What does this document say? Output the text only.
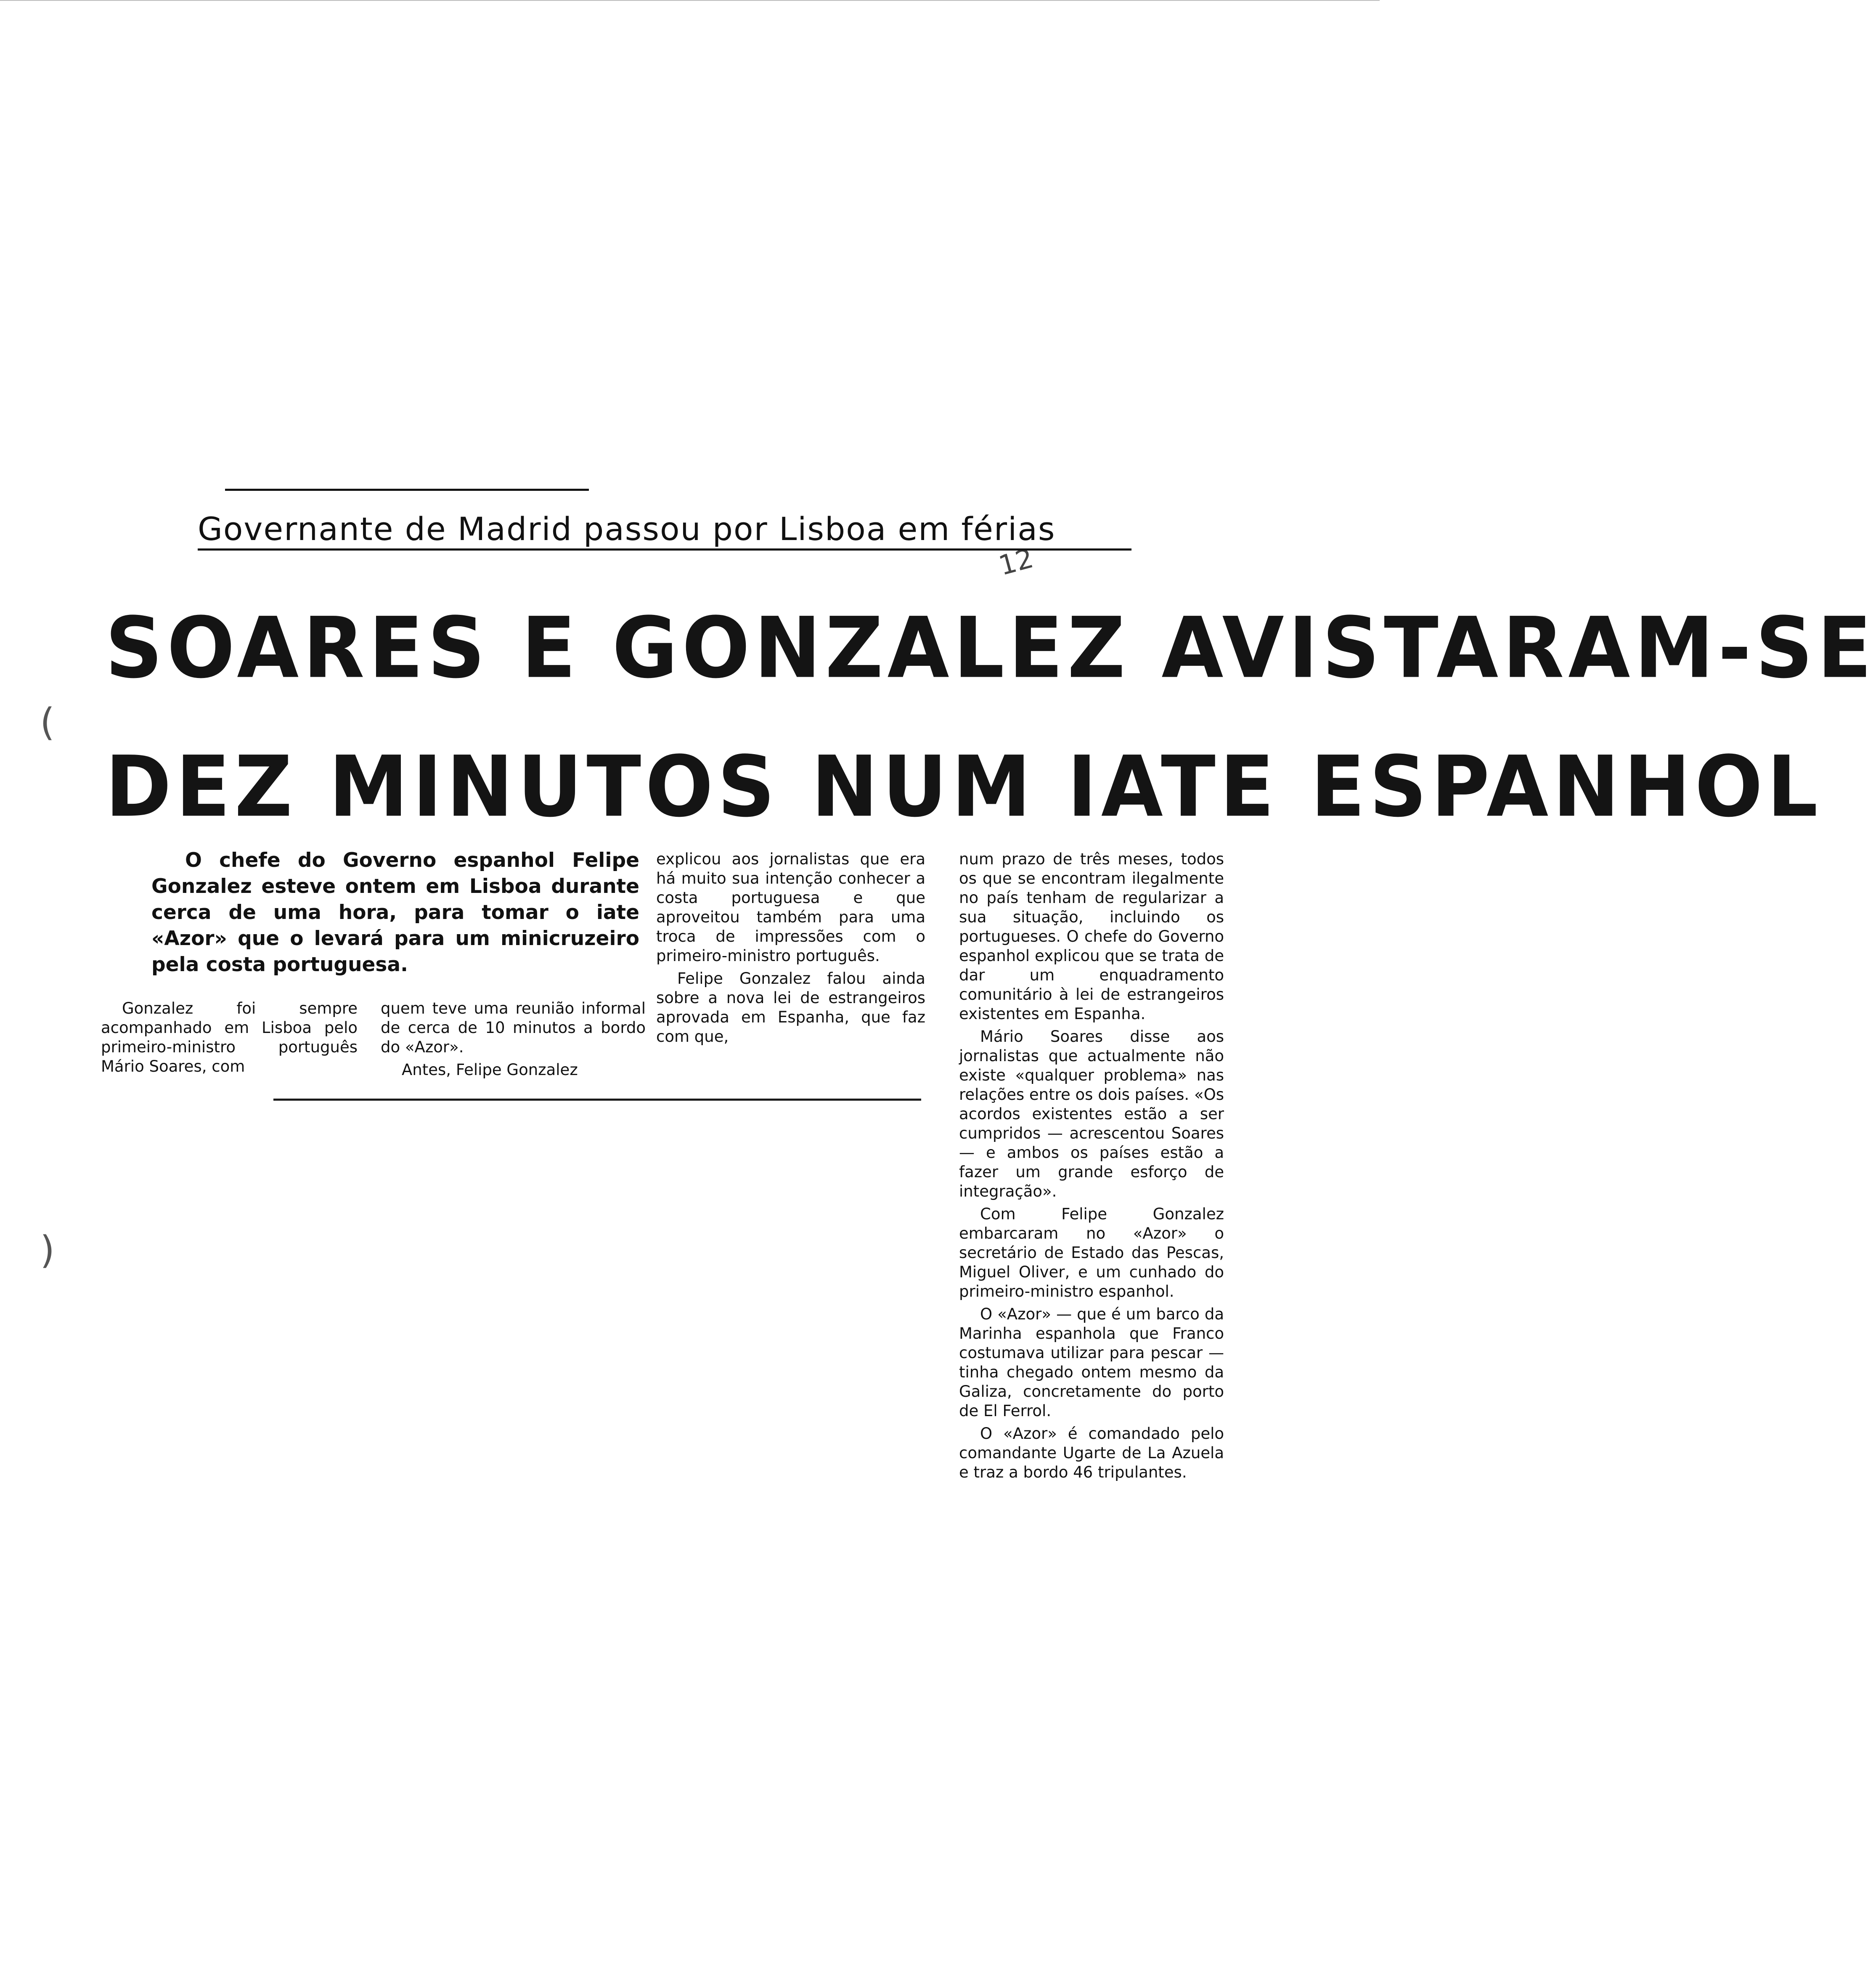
(
)
12
Governante de Madrid passou por Lisboa em férias
SOARES E GONZALEZ AVISTARAM-SE
DEZ MINUTOS NUM IATE ESPANHOL
O chefe do Governo espanhol Felipe Gonzalez esteve ontem em Lisboa durante cerca de uma hora, para tomar o iate «Azor» que o levará para um minicruzeiro pela costa portuguesa.

Gonzalez foi sempre acompanhado em Lisboa pelo primeiro-ministro português Mário Soares, com

quem teve uma reunião informal de cerca de 10 minutos a bordo do «Azor».

Antes, Felipe Gonzalez

explicou aos jornalistas que era há muito sua intenção conhecer a costa portuguesa e que aproveitou também para uma troca de impressões com o primeiro-ministro português.

Felipe Gonzalez falou ainda sobre a nova lei de estrangeiros aprovada em Espanha, que faz com que,

num prazo de três meses, todos os que se encontram ilegalmente no país tenham de regularizar a sua situação, incluindo os portugueses. O chefe do Governo espanhol explicou que se trata de dar um enquadramento comunitário à lei de estrangeiros existentes em Espanha.

Mário Soares disse aos jornalistas que actualmente não existe «qualquer problema» nas relações entre os dois países. «Os acordos existentes estão a ser cumpridos — acrescentou Soares — e ambos os países estão a fazer um grande esforço de integração».

Com Felipe Gonzalez embarcaram no «Azor» o secretário de Estado das Pescas, Miguel Oliver, e um cunhado do primeiro-ministro espanhol.

O «Azor» — que é um barco da Marinha espanhola que Franco costumava utilizar para pescar — tinha chegado ontem mesmo da Galiza, concretamente do porto de El Ferrol.

O «Azor» é comandado pelo comandante Ugarte de La Azuela e traz a bordo 46 tripulantes.
